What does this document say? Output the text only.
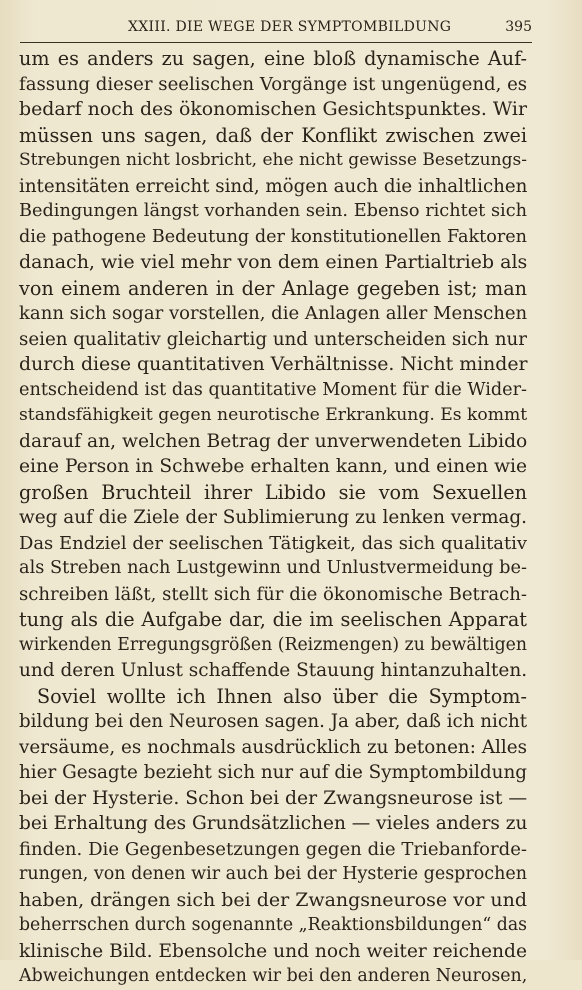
XXIII. DIE WEGE DER SYMPTOMBILDUNG	395
um es anders zu sagen, eine bloß dynamische Auf-
fassung dieser seelischen Vorgänge ist ungenügend, es
bedarf noch des ökonomischen Gesichtspunktes. Wir
müssen uns sagen, daß der Konflikt zwischen zwei
Strebungen nicht losbricht, ehe nicht gewisse Besetzungs-
intensitäten erreicht sind, mögen auch die inhaltlichen
Bedingungen längst vorhanden sein. Ebenso richtet sich
die pathogene Bedeutung der konstitutionellen Faktoren
danach, wie viel mehr von dem einen Partialtrieb als
von einem anderen in der Anlage gegeben ist; man
kann sich sogar vorstellen, die Anlagen aller Menschen
seien qualitativ gleichartig und unterscheiden sich nur
durch diese quantitativen Verhältnisse. Nicht minder
entscheidend ist das quantitative Moment für die Wider-
standsfähigkeit gegen neurotische Erkrankung. Es kommt
darauf an, welchen Betrag der unverwendeten Libido
eine Person in Schwebe erhalten kann, und einen wie
großen Bruchteil ihrer Libido sie vom Sexuellen
weg auf die Ziele der Sublimierung zu lenken vermag.
Das Endziel der seelischen Tätigkeit, das sich qualitativ
als Streben nach Lustgewinn und Unlustvermeidung be-
schreiben läßt, stellt sich für die ökonomische Betrach-
tung als die Aufgabe dar, die im seelischen Apparat
wirkenden Erregungsgrößen (Reizmengen) zu bewältigen
und deren Unlust schaffende Stauung hintanzuhalten.
Soviel wollte ich Ihnen also über die Symptom-
bildung bei den Neurosen sagen. Ja aber, daß ich nicht
versäume, es nochmals ausdrücklich zu betonen: Alles
hier Gesagte bezieht sich nur auf die Symptombildung
bei der Hysterie. Schon bei der Zwangsneurose ist —
bei Erhaltung des Grundsätzlichen — vieles anders zu
finden. Die Gegenbesetzungen gegen die Triebanforde-
rungen, von denen wir auch bei der Hysterie gesprochen
haben, drängen sich bei der Zwangsneurose vor und
beherrschen durch sogenannte „Reaktionsbildungen“ das
klinische Bild. Ebensolche und noch weiter reichende
Abweichungen entdecken wir bei den anderen Neurosen,
